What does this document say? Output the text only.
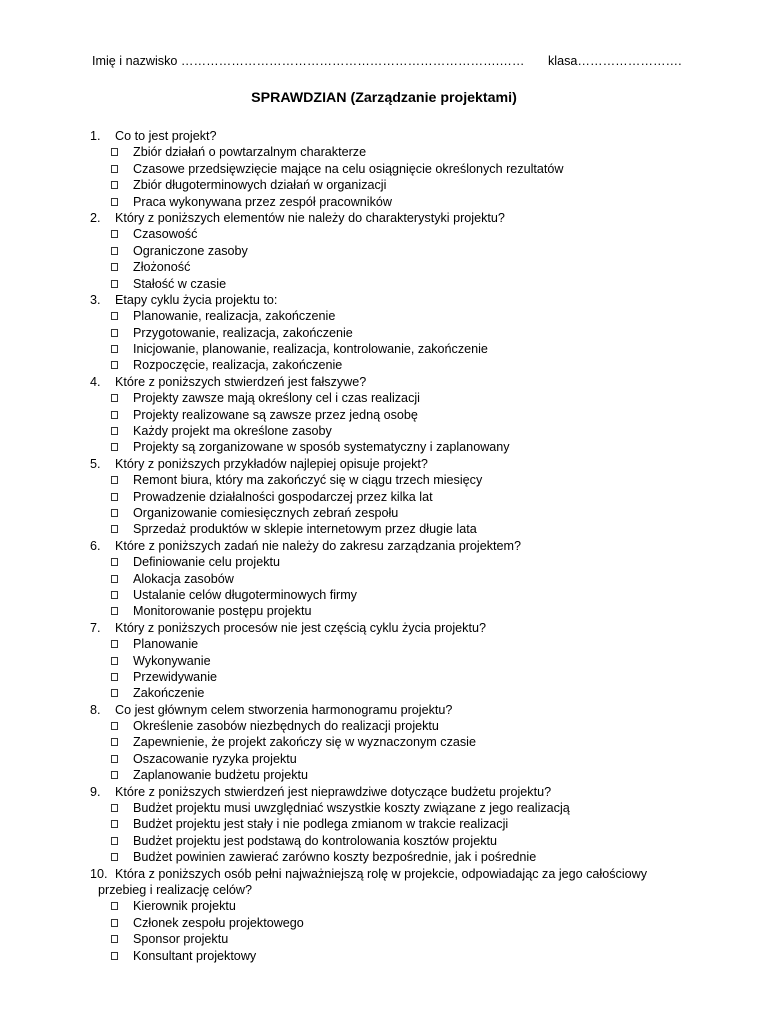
Imię i nazwisko ………………………………………………………………….…… klasa…………………….
SPRAWDZIAN (Zarządzanie projektami)
1. Co to jest projekt?
Zbiór działań o powtarzalnym charakterze
Czasowe przedsięwzięcie mające na celu osiągnięcie określonych rezultatów
Zbiór długoterminowych działań w organizacji
Praca wykonywana przez zespół pracowników
2. Który z poniższych elementów nie należy do charakterystyki projektu?
Czasowość
Ograniczone zasoby
Złożoność
Stałość w czasie
3. Etapy cyklu życia projektu to:
Planowanie, realizacja, zakończenie
Przygotowanie, realizacja, zakończenie
Inicjowanie, planowanie, realizacja, kontrolowanie, zakończenie
Rozpoczęcie, realizacja, zakończenie
4. Które z poniższych stwierdzeń jest fałszywe?
Projekty zawsze mają określony cel i czas realizacji
Projekty realizowane są zawsze przez jedną osobę
Każdy projekt ma określone zasoby
Projekty są zorganizowane w sposób systematyczny i zaplanowany
5. Który z poniższych przykładów najlepiej opisuje projekt?
Remont biura, który ma zakończyć się w ciągu trzech miesięcy
Prowadzenie działalności gospodarczej przez kilka lat
Organizowanie comiesięcznych zebrań zespołu
Sprzedaż produktów w sklepie internetowym przez długie lata
6. Które z poniższych zadań nie należy do zakresu zarządzania projektem?
Definiowanie celu projektu
Alokacja zasobów
Ustalanie celów długoterminowych firmy
Monitorowanie postępu projektu
7. Który z poniższych procesów nie jest częścią cyklu życia projektu?
Planowanie
Wykonywanie
Przewidywanie
Zakończenie
8. Co jest głównym celem stworzenia harmonogramu projektu?
Określenie zasobów niezbędnych do realizacji projektu
Zapewnienie, że projekt zakończy się w wyznaczonym czasie
Oszacowanie ryzyka projektu
Zaplanowanie budżetu projektu
9. Które z poniższych stwierdzeń jest nieprawdziwe dotyczące budżetu projektu?
Budżet projektu musi uwzględniać wszystkie koszty związane z jego realizacją
Budżet projektu jest stały i nie podlega zmianom w trakcie realizacji
Budżet projektu jest podstawą do kontrolowania kosztów projektu
Budżet powinien zawierać zarówno koszty bezpośrednie, jak i pośrednie
10. Która z poniższych osób pełni najważniejszą rolę w projekcie, odpowiadając za jego całościowy
przebieg i realizację celów?
Kierownik projektu
Członek zespołu projektowego
Sponsor projektu
Konsultant projektowy
